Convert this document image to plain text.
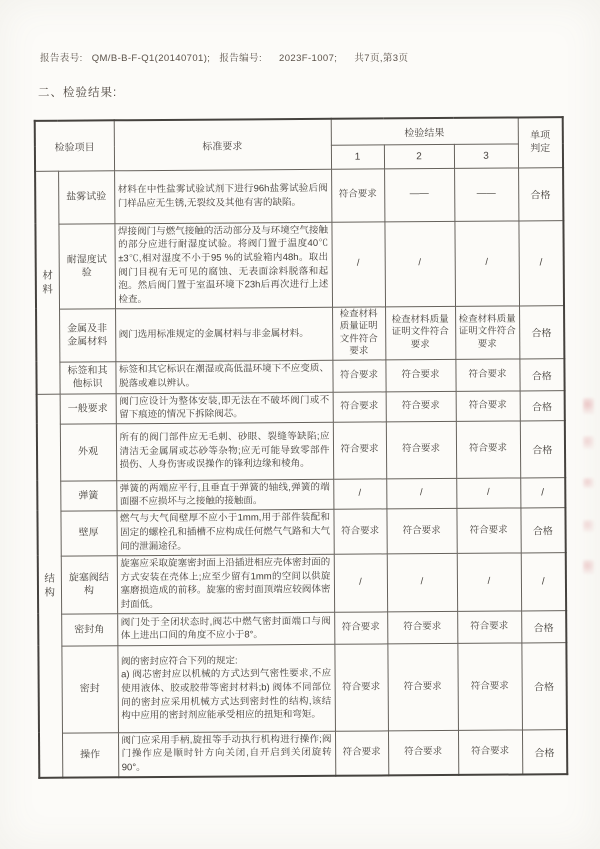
报告表号: QM/B-B-F-Q1(20140701); 报告编号: 2023F-1007; 共7页,第3页
二、检验结果:
检验项目		标准要求	检验结果			单项
判定
			1	2	3	
材
料	盐雾试验	材料在中性盐雾试验试剂下进行96h盐雾试验后阀门样品应无生锈,无裂纹及其他有害的缺陷。	符合要求	——	——	合格
	耐湿度试验	焊接阀门与燃气接触的活动部分及与环境空气接触的部分应进行耐湿度试验。将阀门置于温度40℃±3℃,相对湿度不小于95 %的试验箱内48h。取出阀门目视有无可见的腐蚀、无表面涂料脱落和起泡。然后阀门置于室温环境下23h后再次进行上述检查。	/	/	/	/
	金属及非金属材料	阀门选用标准规定的金属材料与非金属材料。	检查材料质量证明文件符合要求	检查材料质量证明文件符合要求	检查材料质量证明文件符合要求	合格
	标签和其他标识	标签和其它标识在潮湿或高低温环境下不应变质、脱落或难以辨认。	符合要求	符合要求	符合要求	合格
结
构	一般要求	阀门应设计为整体安装,即无法在不破坏阀门或不留下痕迹的情况下拆除阀芯。	符合要求	符合要求	符合要求	合格
	外观	所有的阀门部件应无毛刺、砂眼、裂缝等缺陷;应清洁无金属屑或芯砂等杂物;应无可能导致零部件损伤、人身伤害或误操作的锋利边缘和棱角。	符合要求	符合要求	符合要求	合格
	弹簧	弹簧的两端应平行,且垂直于弹簧的轴线,弹簧的端面圈不应损坏与之接触的接触面。	/	/	/	/
	壁厚	燃气与大气间壁厚不应小于1mm,用于部件装配和固定的螺栓孔和插槽不应构成任何燃气气路和大气间的泄漏途径。	符合要求	符合要求	符合要求	合格
	旋塞阀结构	旋塞应采取旋塞密封面上沿插进相应壳体密封面的方式安装在壳体上;应至少留有1mm的空间以供旋塞磨损造成的前移。旋塞的密封面顶端应较阀体密封面低。	/	/	/	/
	密封角	阀门处于全闭状态时,阀芯中燃气密封面端口与阀体上进出口间的角度不应小于8°。	符合要求	符合要求	符合要求	合格
	密封	阀的密封应符合下列的规定:
a) 阀芯密封应以机械的方式达到气密性要求,不应使用液体、胶或胶带等密封材料;b) 阀体不同部位间的密封应采用机械方式达到密封性的结构,该结构中应用的密封剂应能承受相应的扭矩和弯矩。	符合要求	符合要求	符合要求	合格
	操作	阀门应采用手柄,旋扭等手动执行机构进行操作;阀门操作应是顺时针方向关闭,自开启到关闭旋转90°。	符合要求	符合要求	符合要求	合格
